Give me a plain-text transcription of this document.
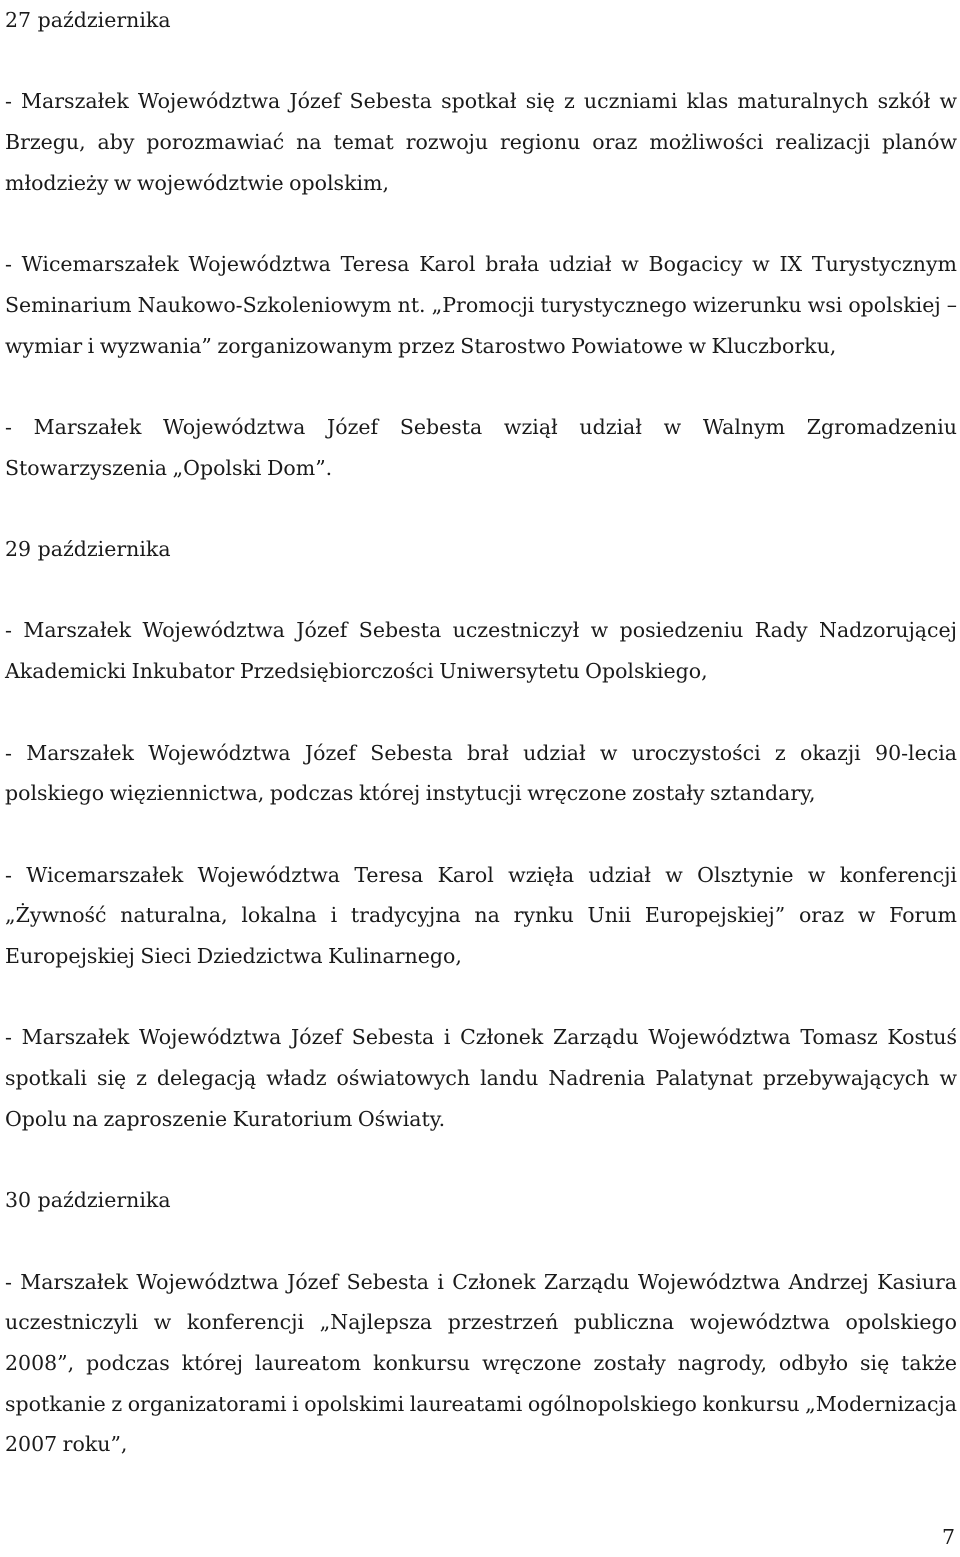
27 października

- Marszałek Województwa Józef Sebesta spotkał się z uczniami klas maturalnych szkół w Brzegu, aby porozmawiać na temat rozwoju regionu oraz możliwości realizacji planów młodzieży w województwie opolskim,

- Wicemarszałek Województwa Teresa Karol brała udział w Bogacicy w IX Turystycznym Seminarium Naukowo-Szkoleniowym nt. „Promocji turystycznego wizerunku wsi opolskiej – wymiar i wyzwania” zorganizowanym przez Starostwo Powiatowe w Kluczborku,

- Marszałek Województwa Józef Sebesta wziął udział w Walnym Zgromadzeniu Stowarzyszenia „Opolski Dom”.

29 października

- Marszałek Województwa Józef Sebesta uczestniczył w posiedzeniu Rady Nadzorującej Akademicki Inkubator Przedsiębiorczości Uniwersytetu Opolskiego,

- Marszałek Województwa Józef Sebesta brał udział w uroczystości z okazji 90-lecia polskiego więziennictwa, podczas której instytucji wręczone zostały sztandary,

- Wicemarszałek Województwa Teresa Karol wzięła udział w Olsztynie w konferencji „Żywność naturalna, lokalna i tradycyjna na rynku Unii Europejskiej” oraz w Forum Europejskiej Sieci Dziedzictwa Kulinarnego,

- Marszałek Województwa Józef Sebesta i Członek Zarządu Województwa Tomasz Kostuś spotkali się z delegacją władz oświatowych landu Nadrenia Palatynat przebywających w Opolu na zaproszenie Kuratorium Oświaty.

30 października

- Marszałek Województwa Józef Sebesta i Członek Zarządu Województwa Andrzej Kasiura uczestniczyli w konferencji „Najlepsza przestrzeń publiczna województwa opolskiego 2008”, podczas której laureatom konkursu wręczone zostały nagrody, odbyło się także spotkanie z organizatorami i opolskimi laureatami ogólnopolskiego konkursu „Modernizacja 2007 roku”,

7
